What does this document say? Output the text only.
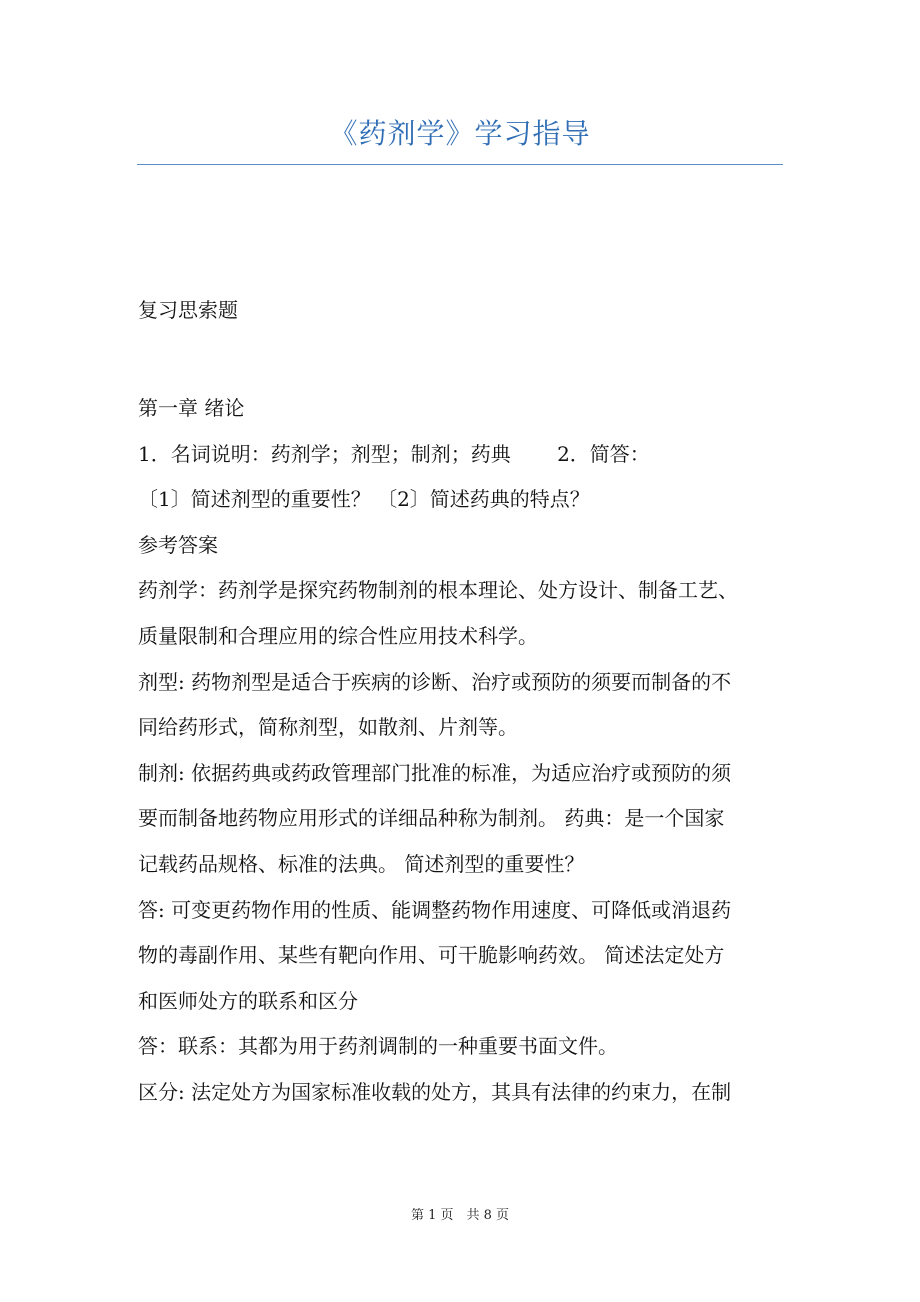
《药剂学》学习指导
复习思索题

第一章 绪论

1．名词说明：药剂学；剂型；制剂；药典　　 2．简答：

〔1〕简述剂型的重要性？ 〔2〕简述药典的特点？

参考答案

药剂学：药剂学是探究药物制剂的根本理论、处方设计、制备工艺、

质量限制和合理应用的综合性应用技术科学。

剂型: 药物剂型是适合于疾病的诊断、治疗或预防的须要而制备的不

同给药形式，简称剂型，如散剂、片剂等。

制剂: 依据药典或药政管理部门批准的标准，为适应治疗或预防的须

要而制备地药物应用形式的详细品种称为制剂。 药典：是一个国家

记载药品规格、标准的法典。 简述剂型的重要性？

答: 可变更药物作用的性质、能调整药物作用速度、可降低或消退药

物的毒副作用、某些有靶向作用、可干脆影响药效。 简述法定处方

和医师处方的联系和区分

答：联系：其都为用于药剂调制的一种重要书面文件。

区分: 法定处方为国家标准收载的处方，其具有法律的约束力，在制

第 1 页　共 8 页
